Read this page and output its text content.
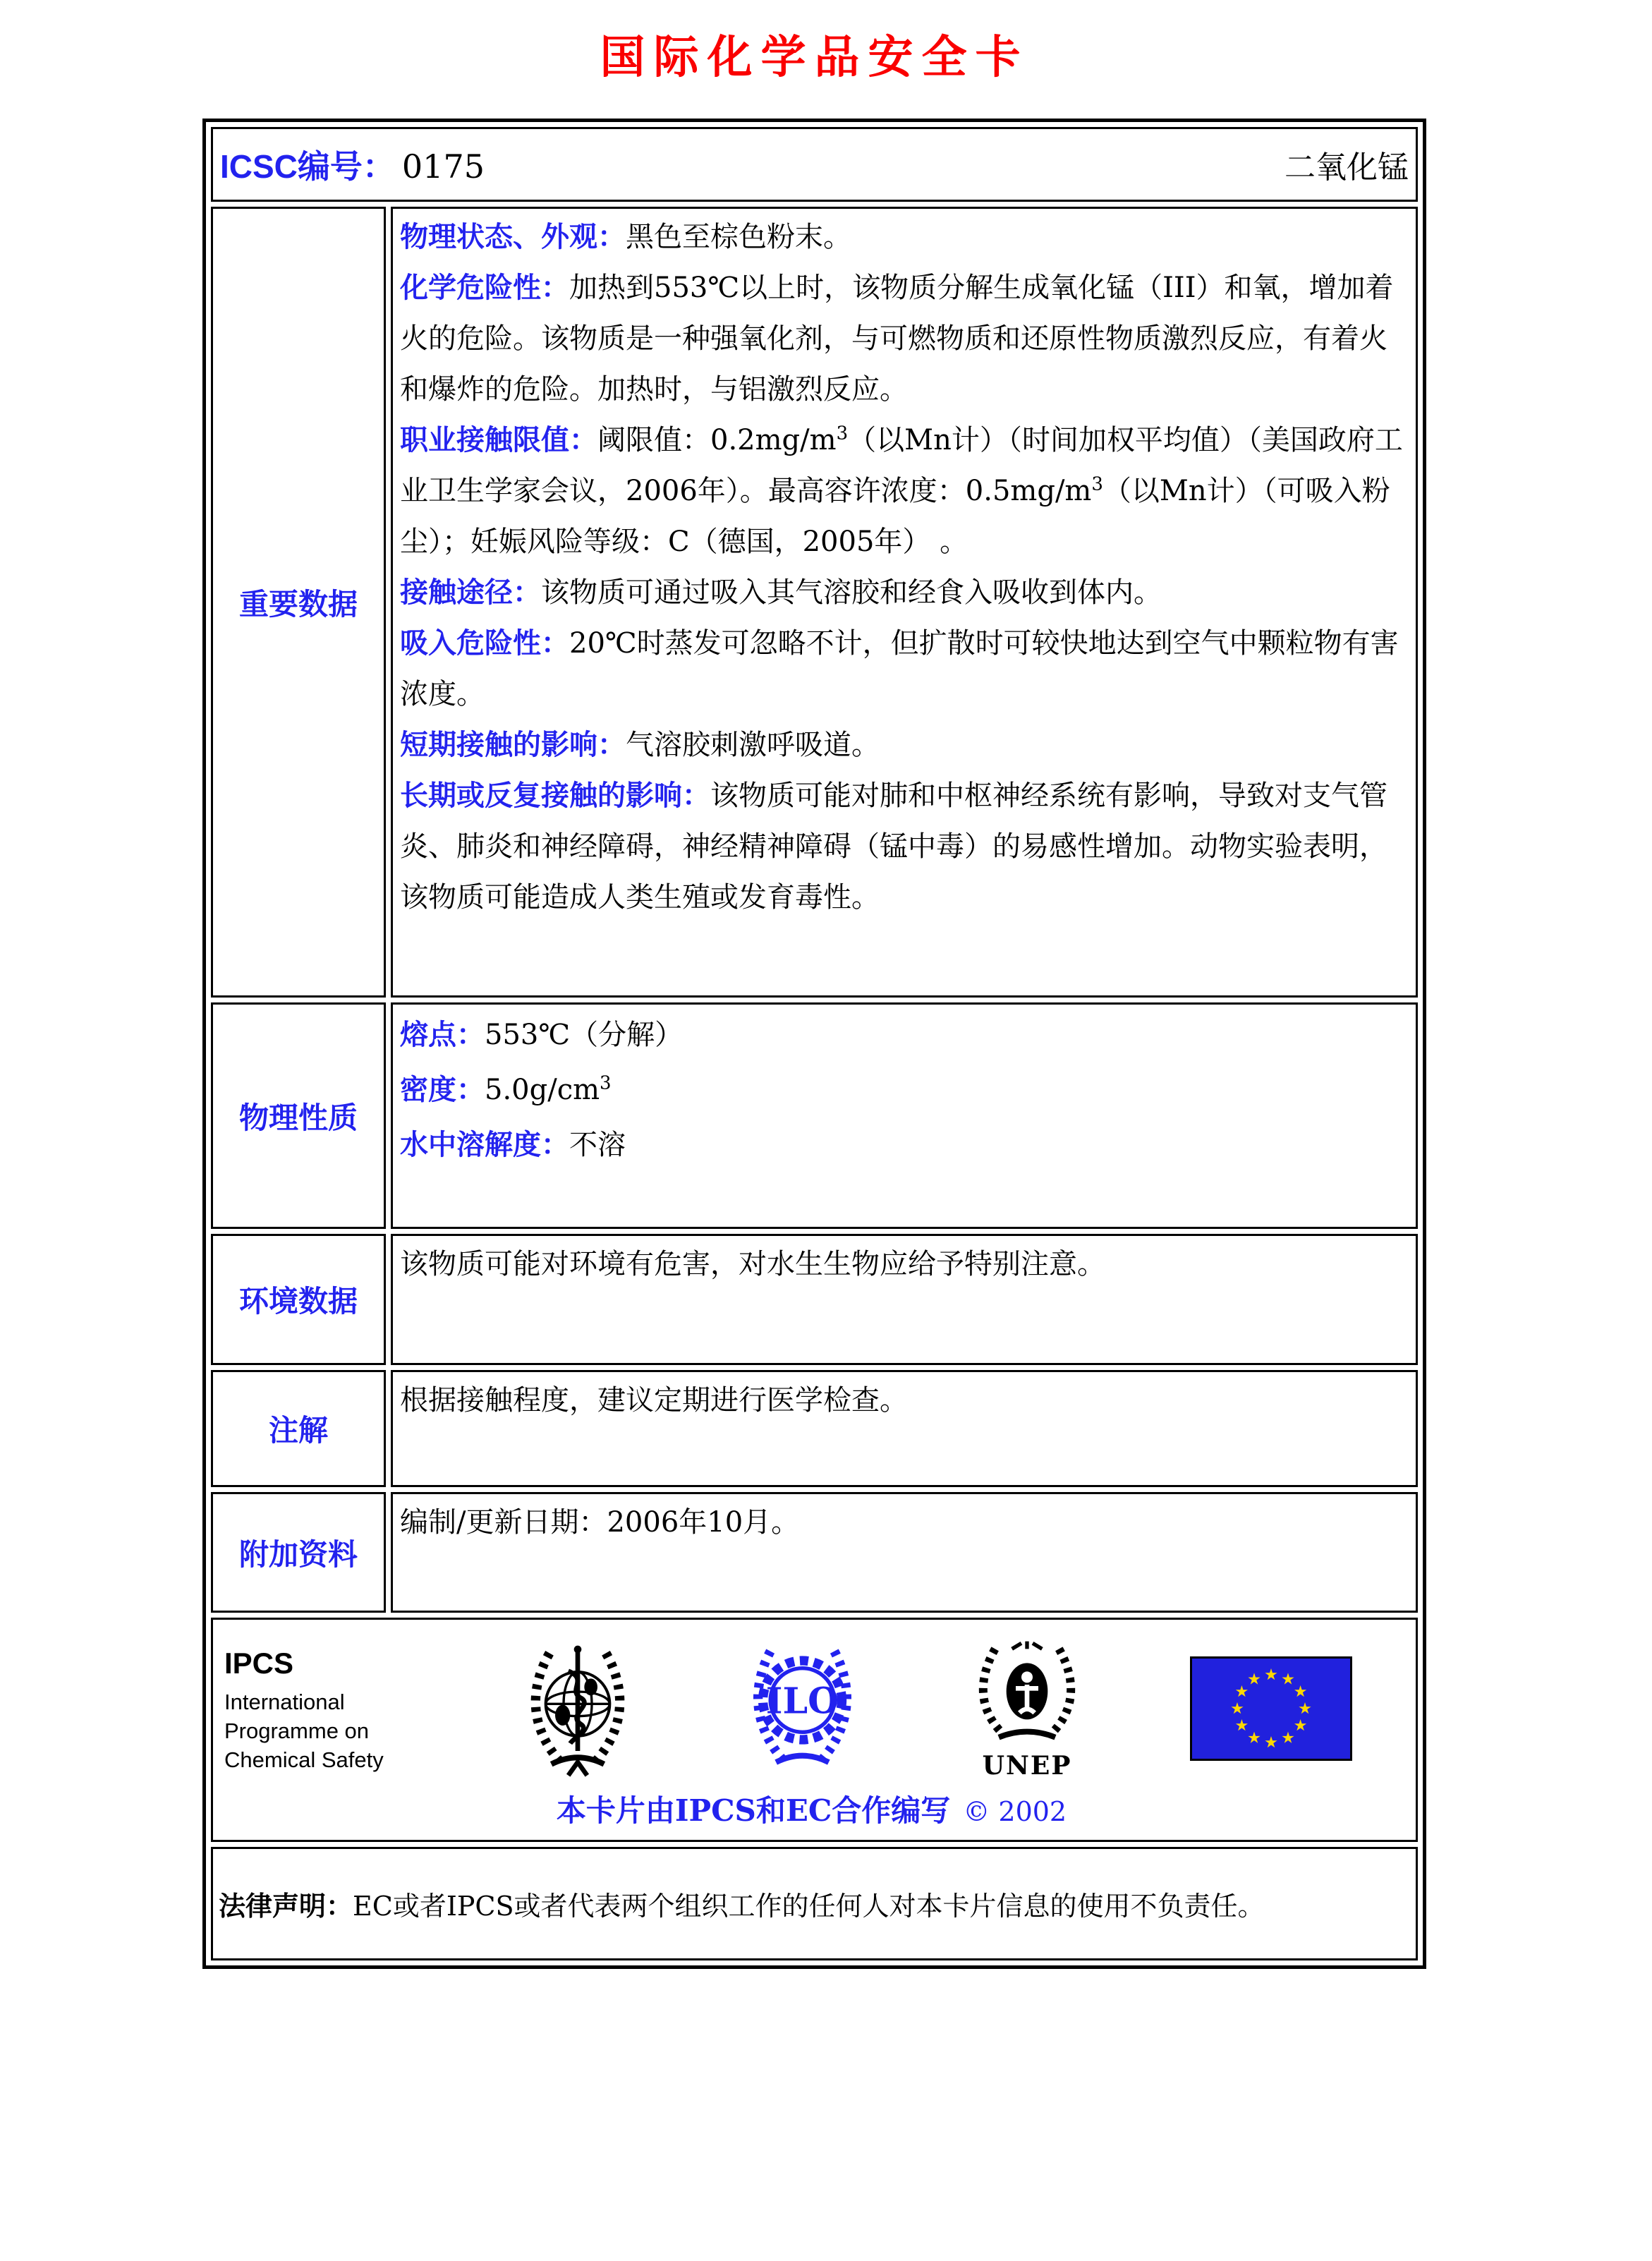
国际化学品安全卡
ICSC编号： 0175 二氧化锰	

重要数据	
物理状态、外观：黑色至棕色粉末。
化学危险性：加热到553℃以上时，该物质分解生成氧化锰（III）和氧，增加着火的危险。该物质是一种强氧化剂，与可燃物质和还原性物质激烈反应，有着火和爆炸的危险。加热时，与铝激烈反应。
职业接触限值：阈限值：$0.2mg/m^3$（以Mn计）（时间加权平均值）（美国政府工业卫生学家会议，2006年）。最高容许浓度：$0.5mg/m^3$（以Mn计）（可吸入粉尘）；妊娠风险等级：C（德国，2005年） 。
接触途径：该物质可通过吸入其气溶胶和经食入吸收到体内。
吸入危险性：20℃时蒸发可忽略不计，但扩散时可较快地达到空气中颗粒物有害浓度。
短期接触的影响：气溶胶刺激呼吸道。
长期或反复接触的影响：该物质可能对肺和中枢神经系统有影响，导致对支气管炎、肺炎和神经障碍，神经精神障碍（锰中毒）的易感性增加。动物实验表明，该物质可能造成人类生殖或发育毒性。

物理性质	熔点：553℃（分解）
密度：$5.0g/cm^3$
水中溶解度：不溶

环境数据	该物质可能对环境有危害，对水生生物应给予特别注意。
注解	根据接触程度，建议定期进行医学检查。
附加资料	编制/更新日期：2006年10月。

IPCS
International
Programme on
Chemical Safety
ILO
UNEP
本卡片由IPCS和EC合作编写 © 2002

法律声明：EC或者IPCS或者代表两个组织工作的任何人对本卡片信息的使用不负责任。	
